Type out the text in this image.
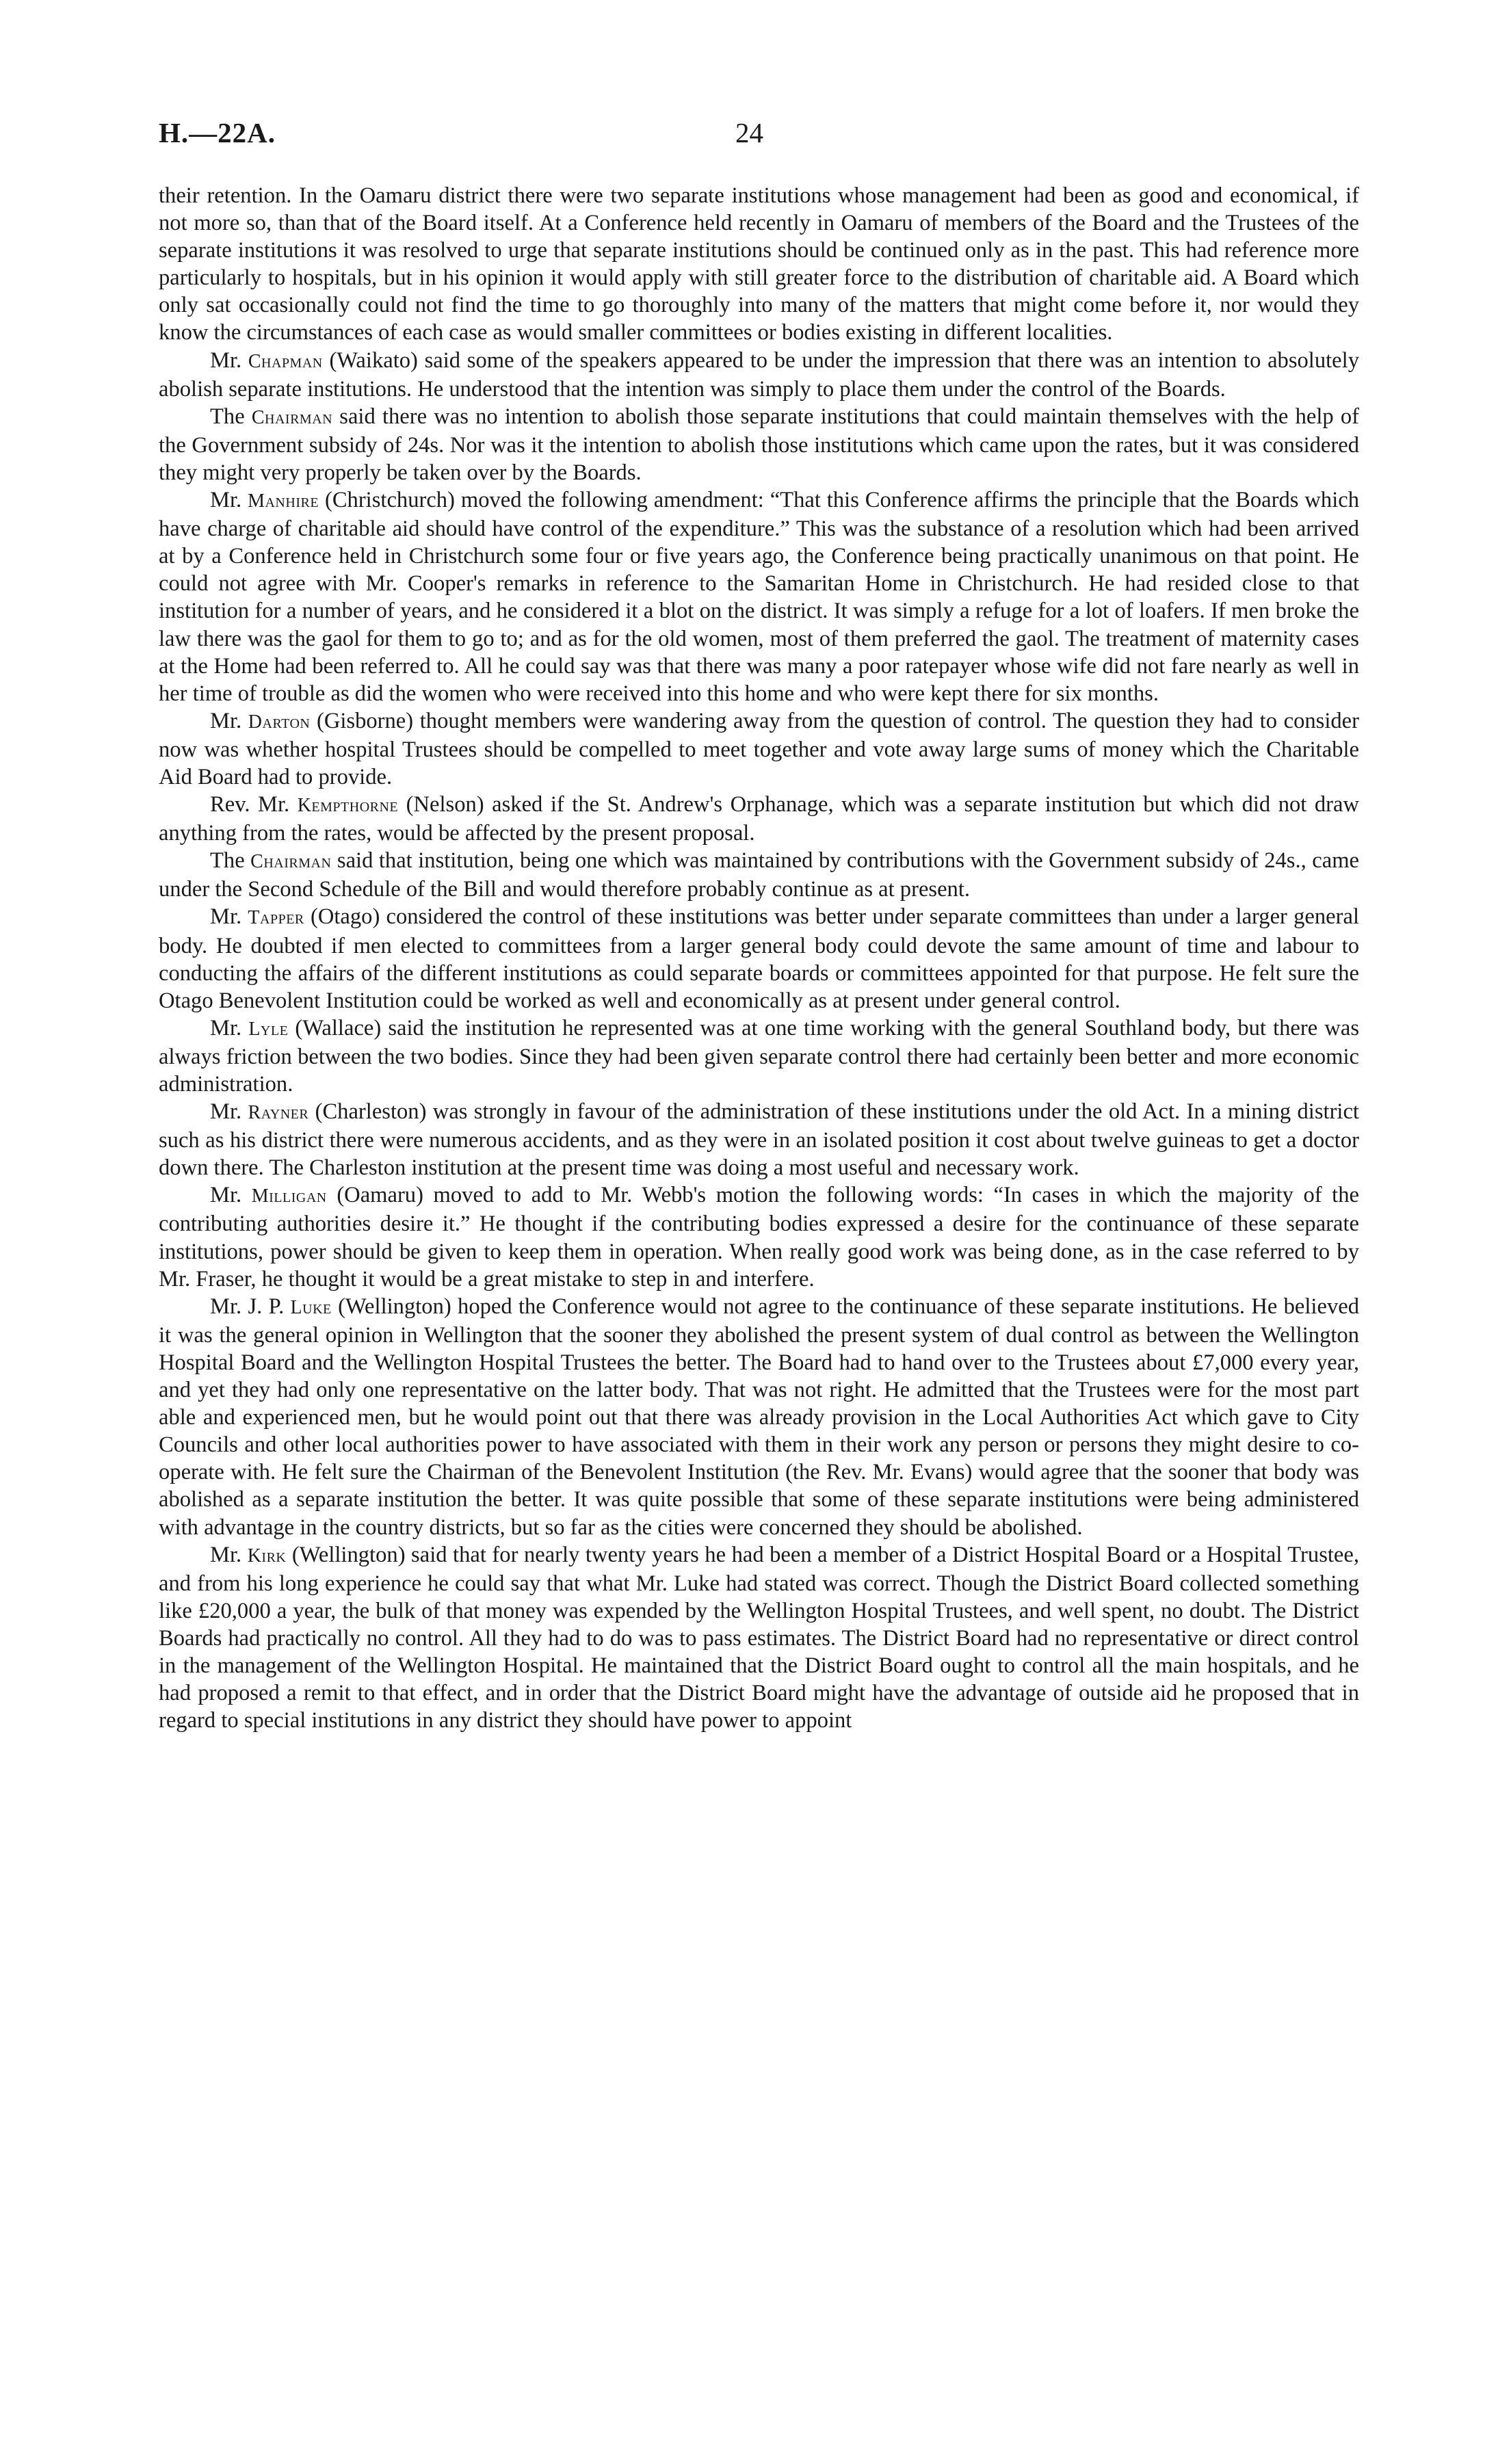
H.—22A.	24

their retention. In the Oamaru district there were two separate institutions whose management had been as good and economical, if not more so, than that of the Board itself. At a Conference held recently in Oamaru of members of the Board and the Trustees of the separate institutions it was resolved to urge that separate institutions should be continued only as in the past. This had reference more particularly to hospitals, but in his opinion it would apply with still greater force to the distribution of charitable aid. A Board which only sat occasionally could not find the time to go thoroughly into many of the matters that might come before it, nor would they know the circumstances of each case as would smaller committees or bodies existing in different localities.

Mr. Chapman (Waikato) said some of the speakers appeared to be under the impression that there was an intention to absolutely abolish separate institutions. He understood that the intention was simply to place them under the control of the Boards.

The Chairman said there was no intention to abolish those separate institutions that could maintain themselves with the help of the Government subsidy of 24s. Nor was it the intention to abolish those institutions which came upon the rates, but it was considered they might very properly be taken over by the Boards.

Mr. Manhire (Christchurch) moved the following amendment: “That this Conference affirms the principle that the Boards which have charge of charitable aid should have control of the expenditure.” This was the substance of a resolution which had been arrived at by a Conference held in Christchurch some four or five years ago, the Conference being practically unanimous on that point. He could not agree with Mr. Cooper's remarks in reference to the Samaritan Home in Christchurch. He had resided close to that institution for a number of years, and he considered it a blot on the district. It was simply a refuge for a lot of loafers. If men broke the law there was the gaol for them to go to; and as for the old women, most of them preferred the gaol. The treatment of maternity cases at the Home had been referred to. All he could say was that there was many a poor ratepayer whose wife did not fare nearly as well in her time of trouble as did the women who were received into this home and who were kept there for six months.

Mr. Darton (Gisborne) thought members were wandering away from the question of control. The question they had to consider now was whether hospital Trustees should be compelled to meet together and vote away large sums of money which the Charitable Aid Board had to provide.

Rev. Mr. Kempthorne (Nelson) asked if the St. Andrew's Orphanage, which was a separate institution but which did not draw anything from the rates, would be affected by the present proposal.

The Chairman said that institution, being one which was maintained by contributions with the Government subsidy of 24s., came under the Second Schedule of the Bill and would therefore probably continue as at present.

Mr. Tapper (Otago) considered the control of these institutions was better under separate committees than under a larger general body. He doubted if men elected to committees from a larger general body could devote the same amount of time and labour to conducting the affairs of the different institutions as could separate boards or committees appointed for that purpose. He felt sure the Otago Benevolent Institution could be worked as well and economically as at present under general control.

Mr. Lyle (Wallace) said the institution he represented was at one time working with the general Southland body, but there was always friction between the two bodies. Since they had been given separate control there had certainly been better and more economic administration.

Mr. Rayner (Charleston) was strongly in favour of the administration of these institutions under the old Act. In a mining district such as his district there were numerous accidents, and as they were in an isolated position it cost about twelve guineas to get a doctor down there. The Charleston institution at the present time was doing a most useful and necessary work.

Mr. Milligan (Oamaru) moved to add to Mr. Webb's motion the following words: “In cases in which the majority of the contributing authorities desire it.” He thought if the contributing bodies expressed a desire for the continuance of these separate institutions, power should be given to keep them in operation. When really good work was being done, as in the case referred to by Mr. Fraser, he thought it would be a great mistake to step in and interfere.

Mr. J. P. Luke (Wellington) hoped the Conference would not agree to the continuance of these separate institutions. He believed it was the general opinion in Wellington that the sooner they abolished the present system of dual control as between the Wellington Hospital Board and the Wellington Hospital Trustees the better. The Board had to hand over to the Trustees about £7,000 every year, and yet they had only one representative on the latter body. That was not right. He admitted that the Trustees were for the most part able and experienced men, but he would point out that there was already provision in the Local Authorities Act which gave to City Councils and other local authorities power to have associated with them in their work any person or persons they might desire to co-operate with. He felt sure the Chairman of the Benevolent Institution (the Rev. Mr. Evans) would agree that the sooner that body was abolished as a separate institution the better. It was quite possible that some of these separate institutions were being administered with advantage in the country districts, but so far as the cities were concerned they should be abolished.

Mr. Kirk (Wellington) said that for nearly twenty years he had been a member of a District Hospital Board or a Hospital Trustee, and from his long experience he could say that what Mr. Luke had stated was correct. Though the District Board collected something like £20,000 a year, the bulk of that money was expended by the Wellington Hospital Trustees, and well spent, no doubt. The District Boards had practically no control. All they had to do was to pass estimates. The District Board had no representative or direct control in the management of the Wellington Hospital. He maintained that the District Board ought to control all the main hospitals, and he had proposed a remit to that effect, and in order that the District Board might have the advantage of outside aid he proposed that in regard to special institutions in any district they should have power to appoint
